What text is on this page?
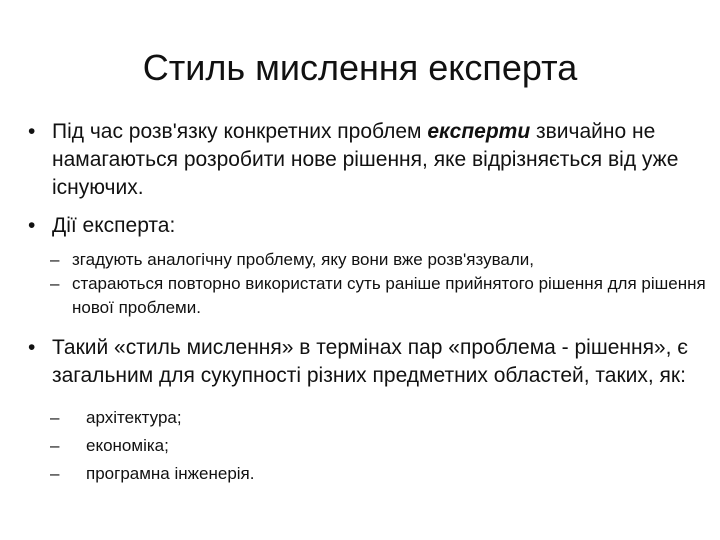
Стиль мислення експерта
• Під час розв'язку конкретних проблем експерти звичайно не намагаються розробити нове рішення, яке відрізняється від уже існуючих.
• Дії експерта:
– згадують аналогічну проблему, яку вони вже розв'язували,
– стараються повторно використати суть раніше прийнятого рішення для рішення нової проблеми.
• Такий «стиль мислення» в термінах пар «проблема - рішення», є загальним для сукупності різних предметних областей, таких, як:
– архітектура;
– економіка;
– програмна інженерія.
